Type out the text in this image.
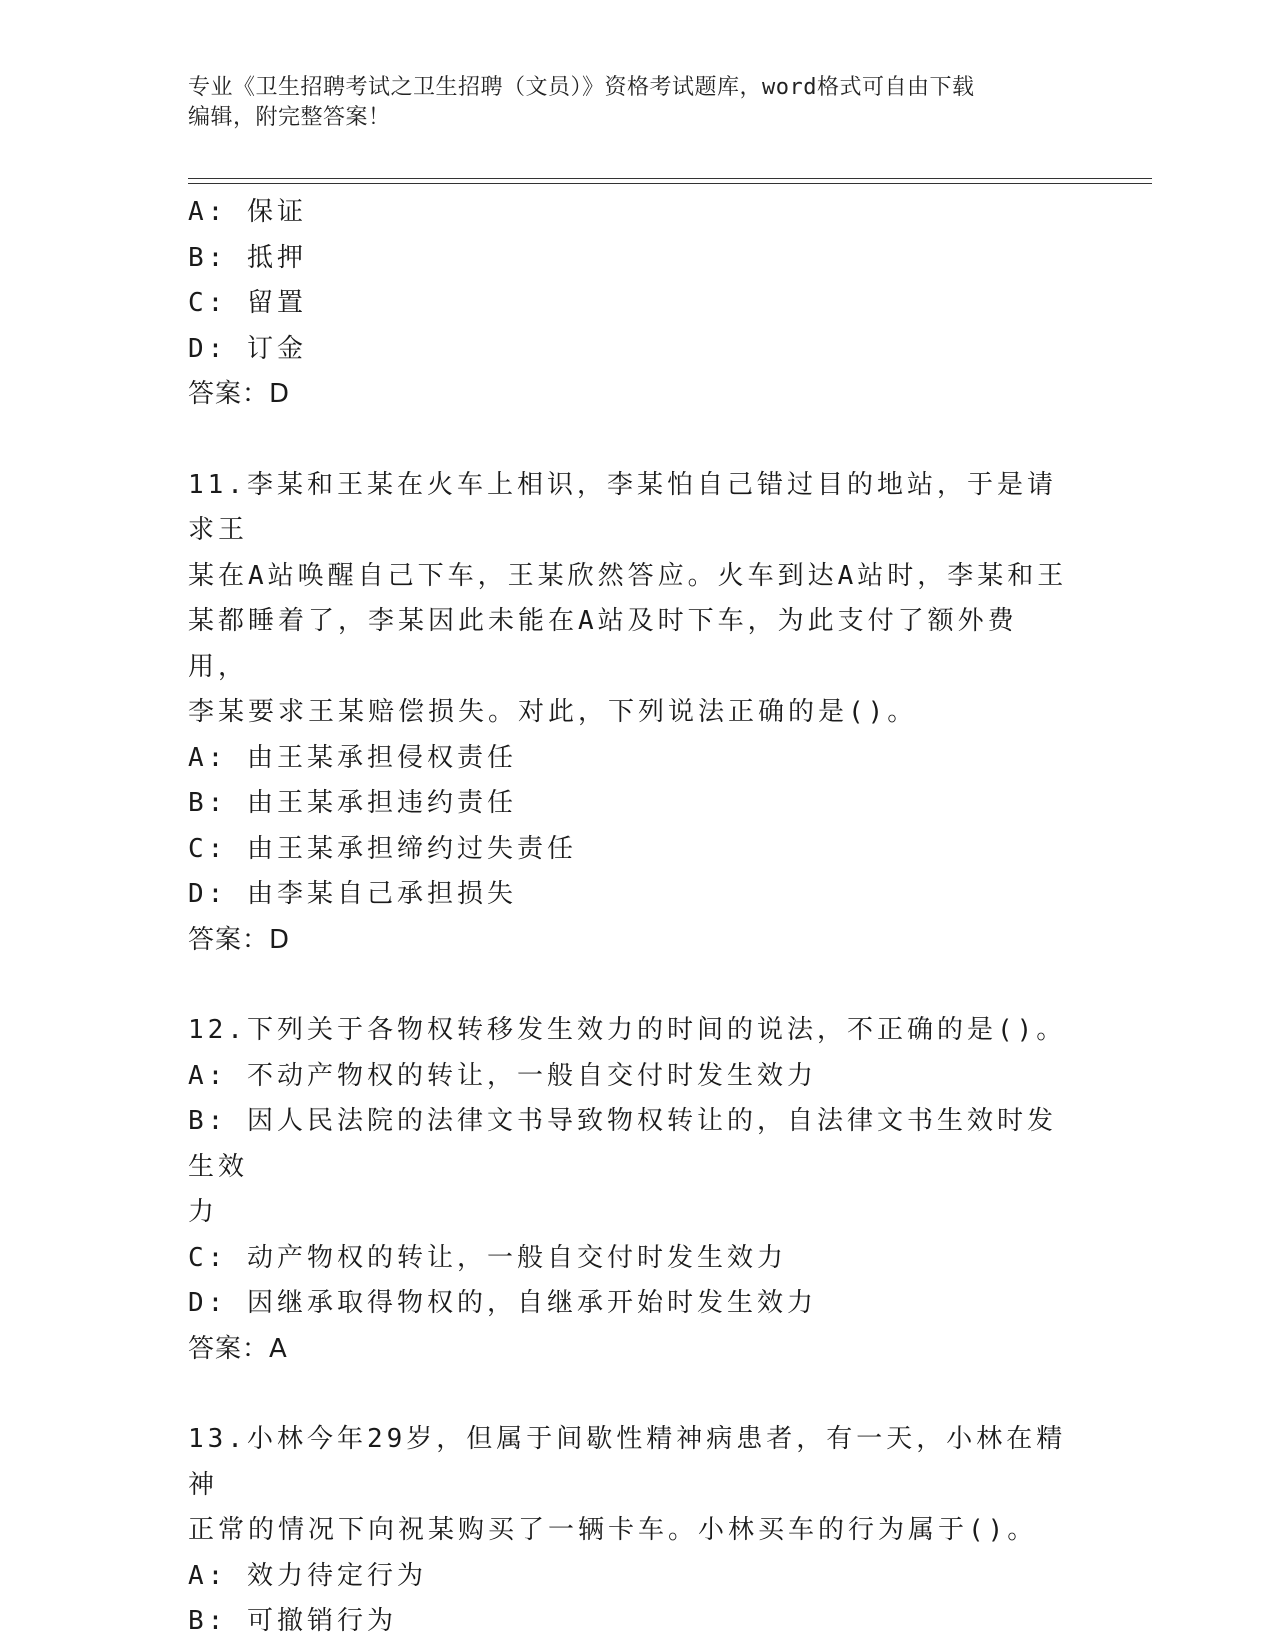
专业《卫生招聘考试之卫生招聘（文员）》资格考试题库，word格式可自由下载
编辑，附完整答案！
A: 保证
B: 抵押
C: 留置
D: 订金
答案：D
11.李某和王某在火车上相识，李某怕自己错过目的地站，于是请求王
某在A站唤醒自己下车，王某欣然答应。火车到达A站时，李某和王
某都睡着了，李某因此未能在A站及时下车，为此支付了额外费用，
李某要求王某赔偿损失。对此，下列说法正确的是()。
A: 由王某承担侵权责任
B: 由王某承担违约责任
C: 由王某承担缔约过失责任
D: 由李某自己承担损失
答案：D
12.下列关于各物权转移发生效力的时间的说法，不正确的是()。
A: 不动产物权的转让，一般自交付时发生效力
B: 因人民法院的法律文书导致物权转让的，自法律文书生效时发生效
力
C: 动产物权的转让，一般自交付时发生效力
D: 因继承取得物权的，自继承开始时发生效力
答案：A
13.小林今年29岁，但属于间歇性精神病患者，有一天，小林在精神
正常的情况下向祝某购买了一辆卡车。小林买车的行为属于()。
A: 效力待定行为
B: 可撤销行为
